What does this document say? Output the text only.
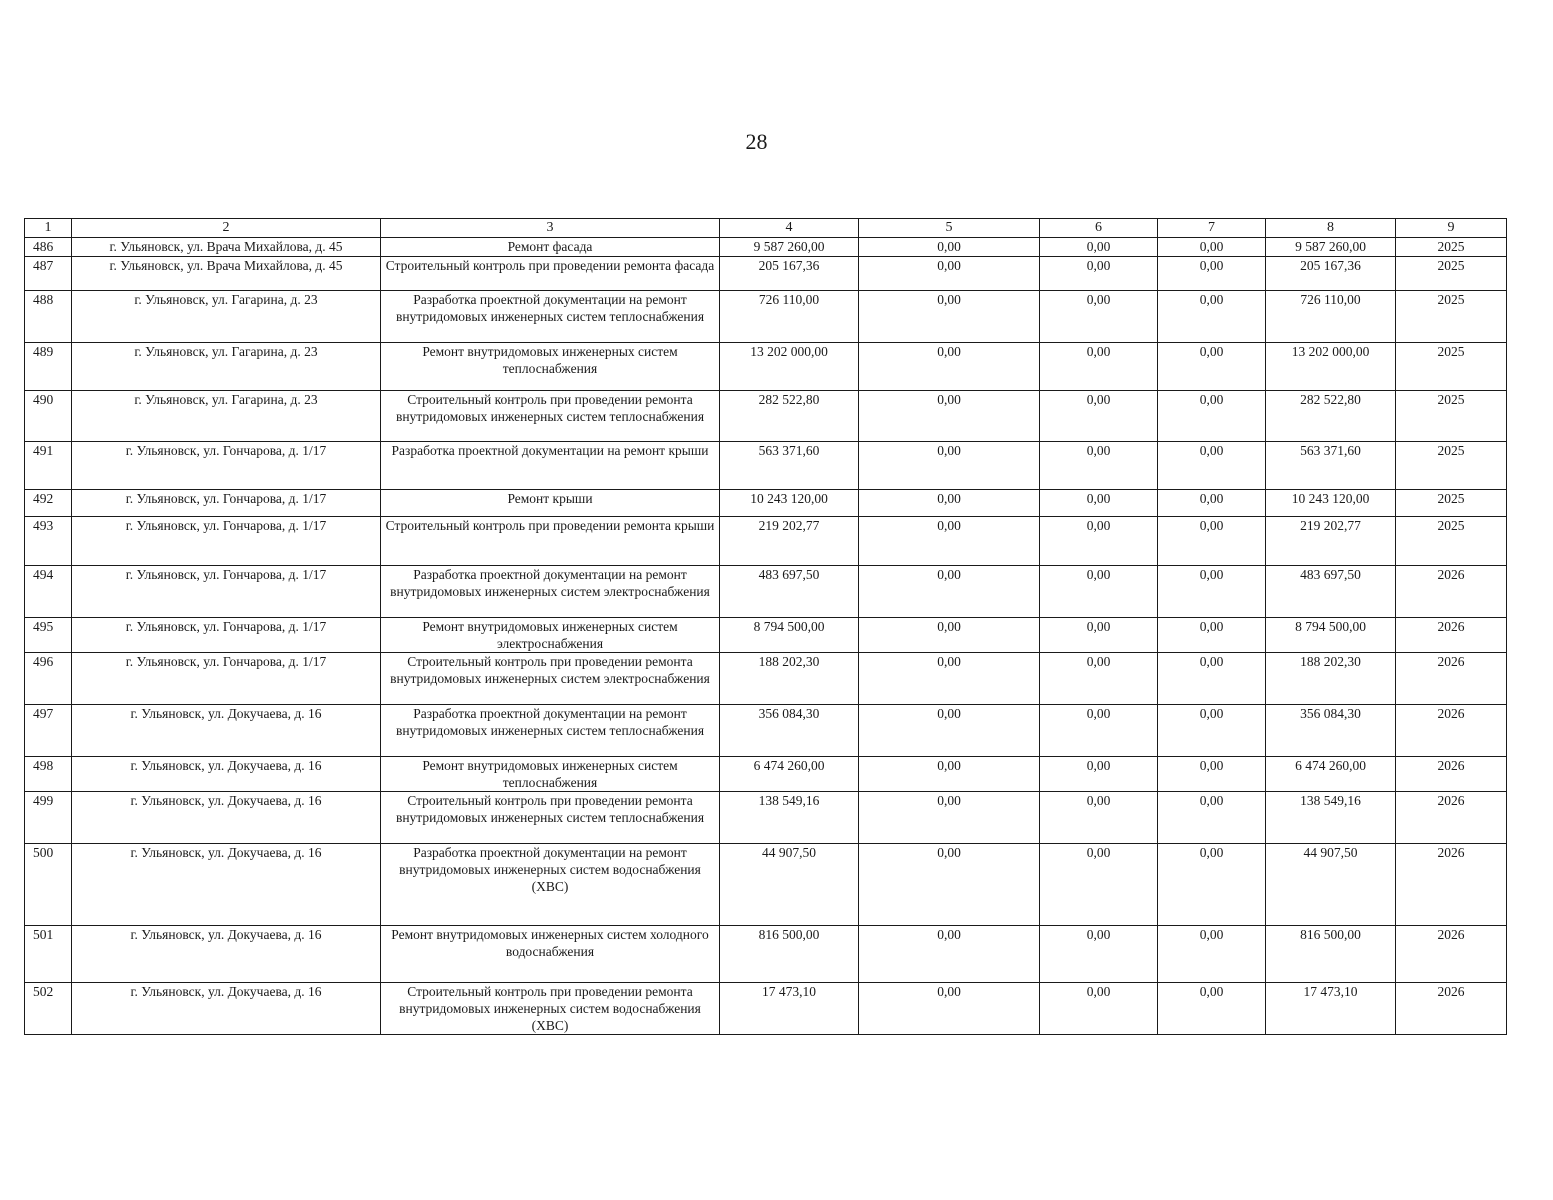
28
1	2	3	4	5	6	7	8	9
486	г. Ульяновск, ул. Врача Михайлова, д. 45	Ремонт фасада	9 587 260,00	0,00	0,00	0,00	9 587 260,00	2025
487	г. Ульяновск, ул. Врача Михайлова, д. 45	Строительный контроль при проведении ремонта фасада	205 167,36	0,00	0,00	0,00	205 167,36	2025
488	г. Ульяновск, ул. Гагарина, д. 23	Разработка проектной документации на ремонт внутридомовых инженерных систем теплоснабжения	726 110,00	0,00	0,00	0,00	726 110,00	2025
489	г. Ульяновск, ул. Гагарина, д. 23	Ремонт внутридомовых инженерных систем теплоснабжения	13 202 000,00	0,00	0,00	0,00	13 202 000,00	2025
490	г. Ульяновск, ул. Гагарина, д. 23	Строительный контроль при проведении ремонта внутридомовых инженерных систем теплоснабжения	282 522,80	0,00	0,00	0,00	282 522,80	2025
491	г. Ульяновск, ул. Гончарова, д. 1/17	Разработка проектной документации на ремонт крыши	563 371,60	0,00	0,00	0,00	563 371,60	2025
492	г. Ульяновск, ул. Гончарова, д. 1/17	Ремонт крыши	10 243 120,00	0,00	0,00	0,00	10 243 120,00	2025
493	г. Ульяновск, ул. Гончарова, д. 1/17	Строительный контроль при проведении ремонта крыши	219 202,77	0,00	0,00	0,00	219 202,77	2025
494	г. Ульяновск, ул. Гончарова, д. 1/17	Разработка проектной документации на ремонт внутридомовых инженерных систем электроснабжения	483 697,50	0,00	0,00	0,00	483 697,50	2026
495	г. Ульяновск, ул. Гончарова, д. 1/17	Ремонт внутридомовых инженерных систем электроснабжения	8 794 500,00	0,00	0,00	0,00	8 794 500,00	2026
496	г. Ульяновск, ул. Гончарова, д. 1/17	Строительный контроль при проведении ремонта внутридомовых инженерных систем электроснабжения	188 202,30	0,00	0,00	0,00	188 202,30	2026
497	г. Ульяновск, ул. Докучаева, д. 16	Разработка проектной документации на ремонт внутридомовых инженерных систем теплоснабжения	356 084,30	0,00	0,00	0,00	356 084,30	2026
498	г. Ульяновск, ул. Докучаева, д. 16	Ремонт внутридомовых инженерных систем теплоснабжения	6 474 260,00	0,00	0,00	0,00	6 474 260,00	2026
499	г. Ульяновск, ул. Докучаева, д. 16	Строительный контроль при проведении ремонта внутридомовых инженерных систем теплоснабжения	138 549,16	0,00	0,00	0,00	138 549,16	2026
500	г. Ульяновск, ул. Докучаева, д. 16	Разработка проектной документации на ремонт внутридомовых инженерных систем водоснабжения (ХВС)	44 907,50	0,00	0,00	0,00	44 907,50	2026
501	г. Ульяновск, ул. Докучаева, д. 16	Ремонт внутридомовых инженерных систем холодного водоснабжения	816 500,00	0,00	0,00	0,00	816 500,00	2026
502	г. Ульяновск, ул. Докучаева, д. 16	Строительный контроль при проведении ремонта внутридомовых инженерных систем водоснабжения (ХВС)	17 473,10	0,00	0,00	0,00	17 473,10	2026
